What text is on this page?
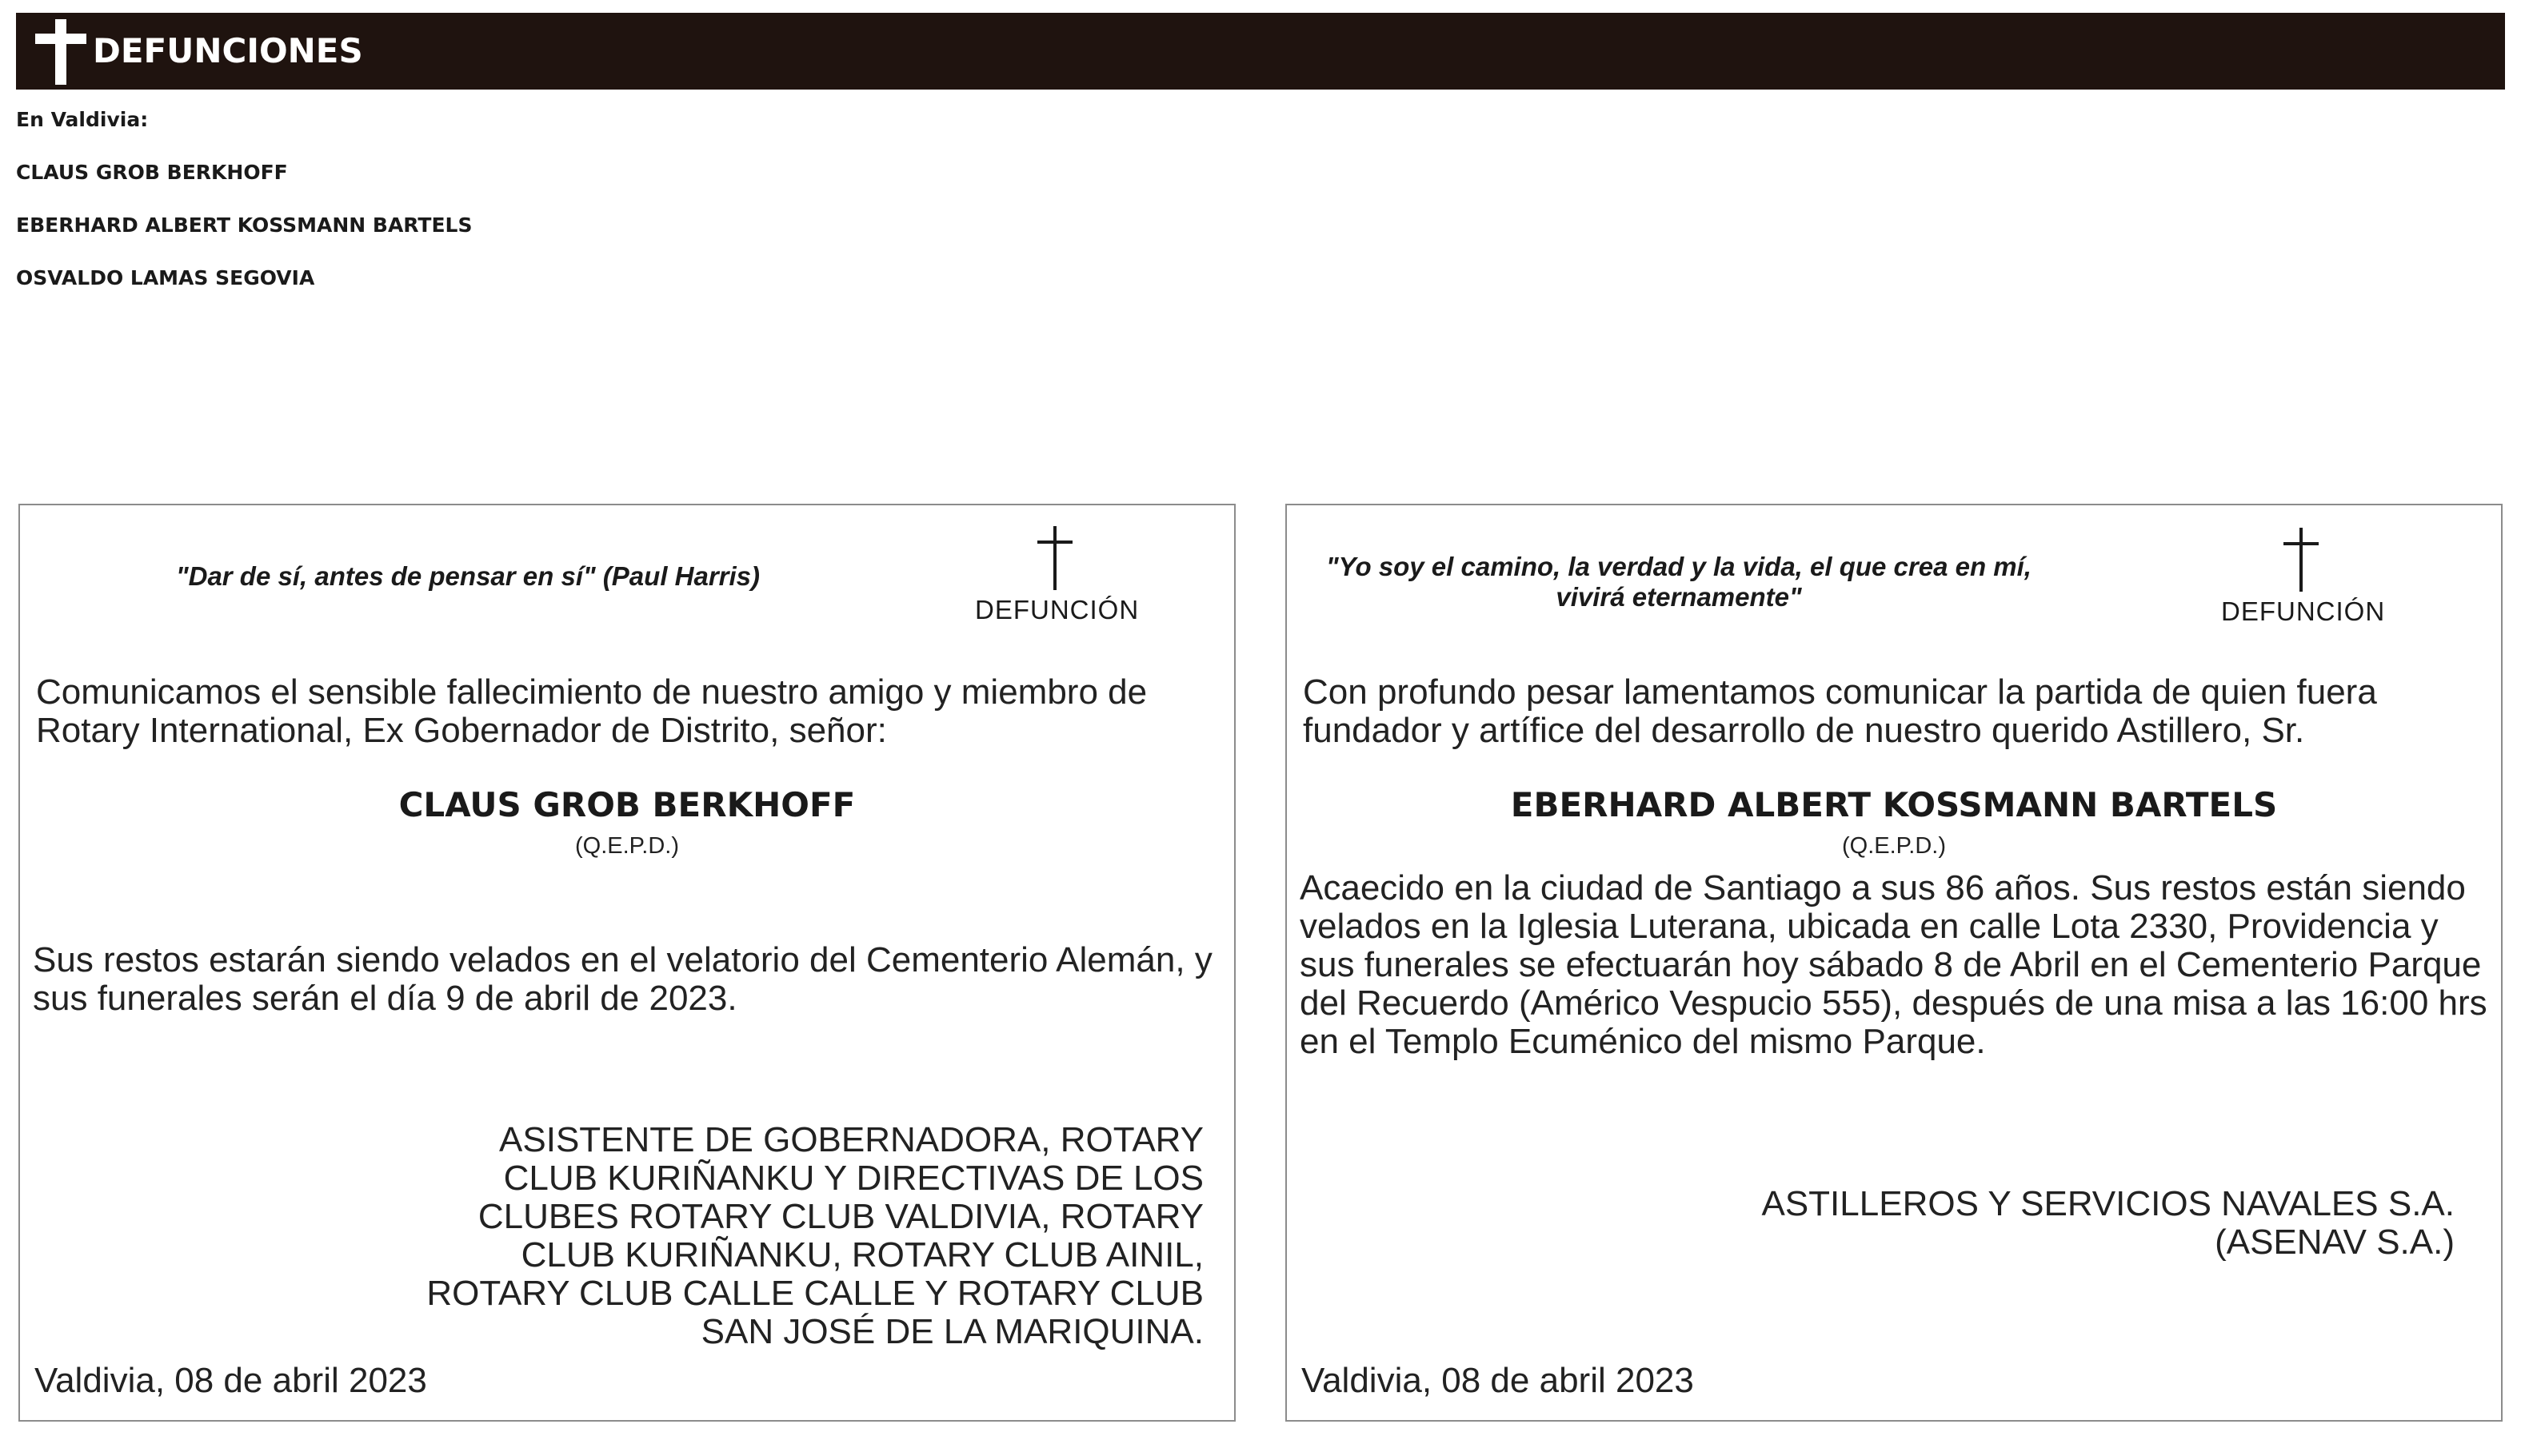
DEFUNCIONES
En Valdivia:
CLAUS GROB BERKHOFF
EBERHARD ALBERT KOSSMANN BARTELS
OSVALDO LAMAS SEGOVIA
"Dar de sí, antes de pensar en sí" (Paul Harris)
DEFUNCIÓN
Comunicamos el sensible fallecimiento de nuestro amigo y miembro de Rotary International, Ex Gobernador de Distrito, señor:
CLAUS GROB BERKHOFF
(Q.E.P.D.)
Sus restos estarán siendo velados en el velatorio del Cementerio Alemán, y sus funerales serán el día 9 de abril de 2023.
ASISTENTE DE GOBERNADORA, ROTARY
CLUB KURIÑANKU Y DIRECTIVAS DE LOS
CLUBES ROTARY CLUB VALDIVIA, ROTARY
CLUB KURIÑANKU, ROTARY CLUB AINIL,
ROTARY CLUB CALLE CALLE Y ROTARY CLUB
SAN JOSÉ DE LA MARIQUINA.
Valdivia, 08 de abril 2023
"Yo soy el camino, la verdad y la vida, el que crea en mí, vivirá eternamente"	DEFUNCIÓN
Con profundo pesar lamentamos comunicar la partida de quien fuera fundador y artífice del desarrollo de nuestro querido Astillero, Sr.
EBERHARD ALBERT KOSSMANN BARTELS
(Q.E.P.D.)
Acaecido en la ciudad de Santiago a sus 86 años. Sus restos están siendo velados en la Iglesia Luterana, ubicada en calle Lota 2330, Providencia y sus funerales se efectuarán hoy sábado 8 de Abril en el Cementerio Parque del Recuerdo (Américo Vespucio 555), después de una misa a las 16:00 hrs en el Templo Ecuménico del mismo Parque.
ASTILLEROS Y SERVICIOS NAVALES S.A.
(ASENAV S.A.)
Valdivia, 08 de abril 2023
